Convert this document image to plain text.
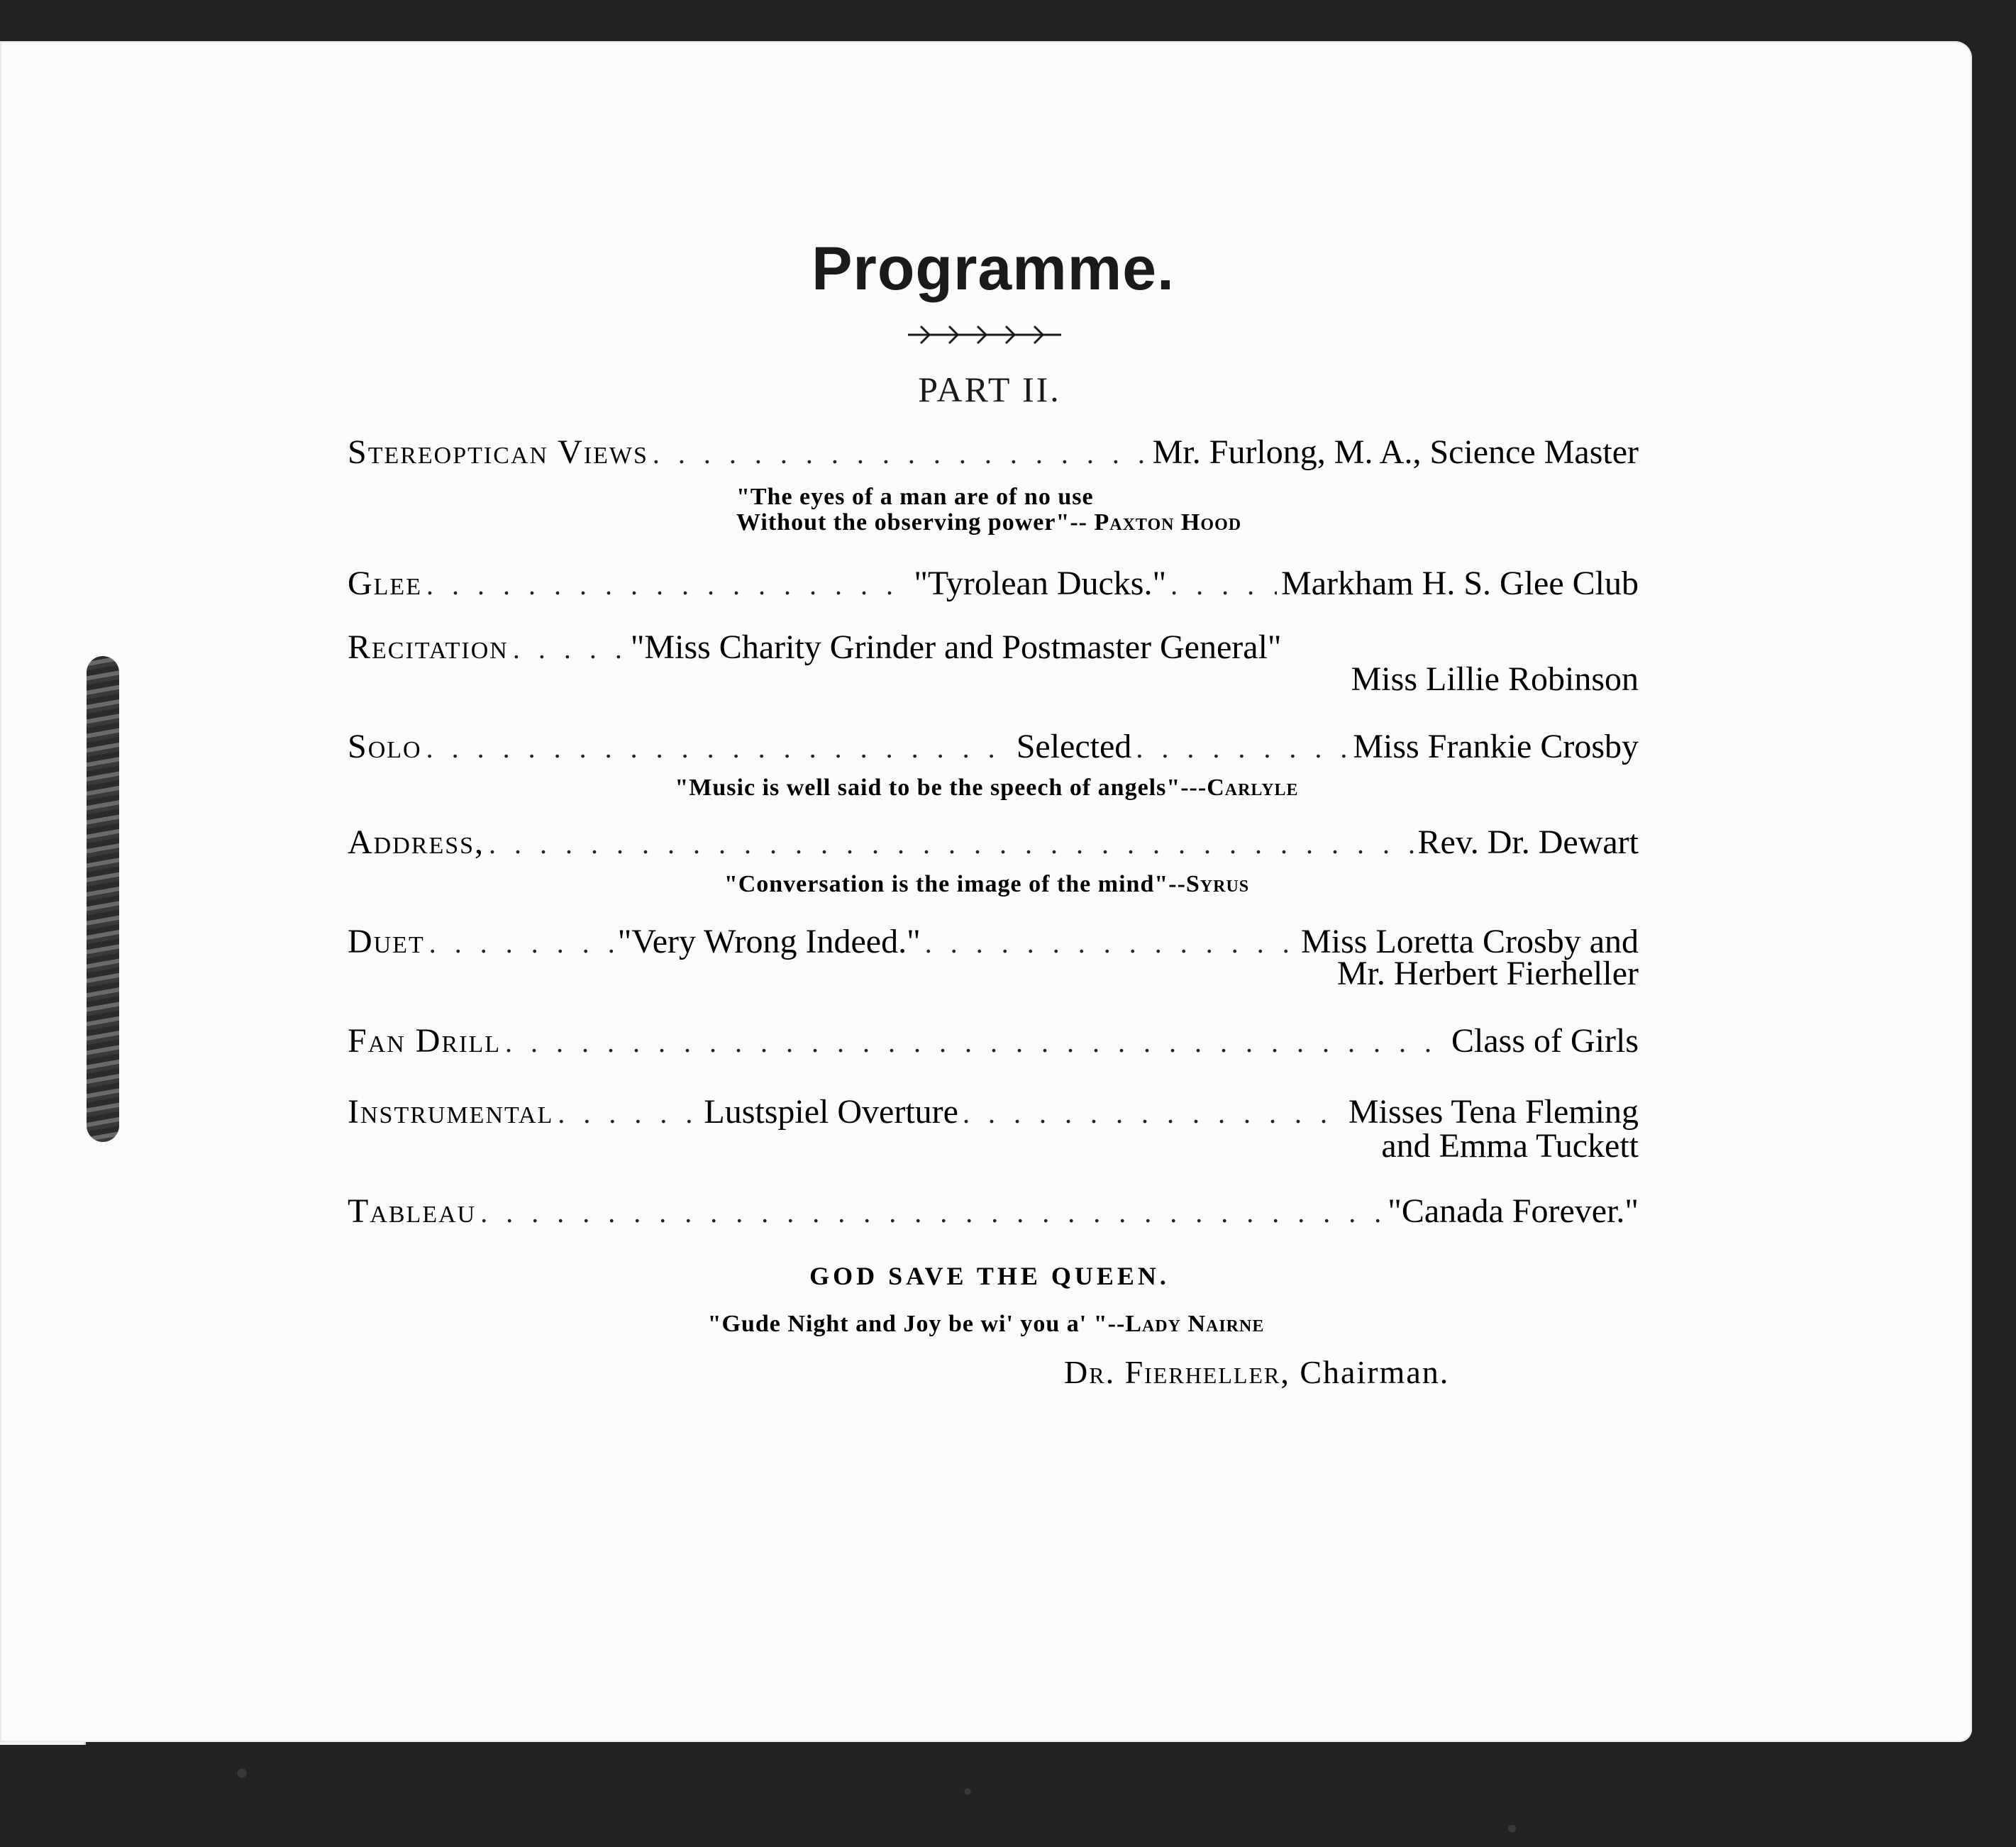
Programme.
PART II.
Stereoptican Views . . .	Mr. Furlong, M. A., Science Master
"The eyes of a man are of no use
Without the observing power"-- Paxton Hood
Glee . . .	"Tyrolean Ducks." . . .	Markham H. S. Glee Club
Recitation . . .	"Miss Charity Grinder and Postmaster General"
Miss Lillie Robinson
Solo . . .	Selected . . .	Miss Frankie Crosby
"Music is well said to be the speech of angels"---Carlyle
Address, . . .	Rev. Dr. Dewart
"Conversation is the image of the mind"--Syrus
Duet . . .	"Very Wrong Indeed." . . .	Miss Loretta Crosby and
Mr. Herbert Fierheller
Fan Drill . . .	Class of Girls
Instrumental . . .	Lustspiel Overture . . .	Misses Tena Fleming
and Emma Tuckett
Tableau . . .	"Canada Forever."
GOD SAVE THE QUEEN.
"Gude Night and Joy be wi' you a' "--Lady Nairne
Dr. Fierheller, Chairman.
